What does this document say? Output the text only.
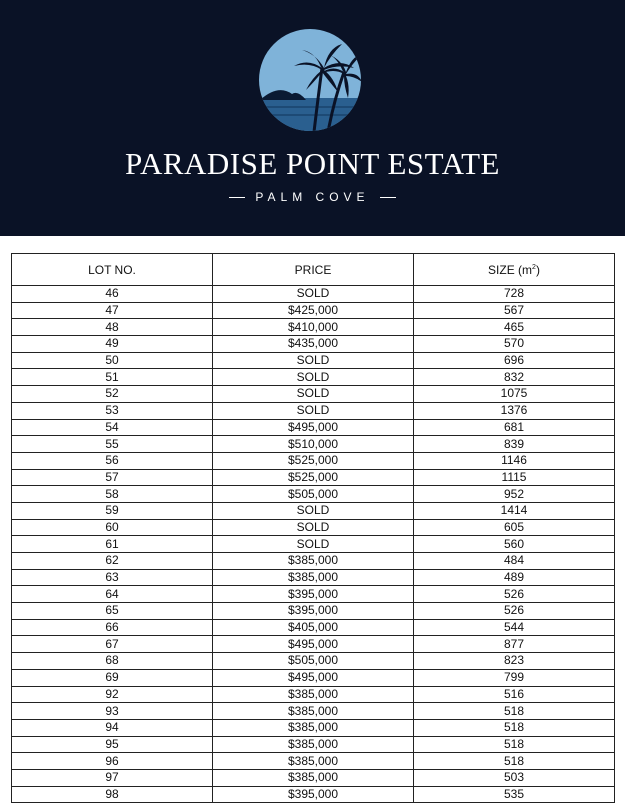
PARADISE POINT ESTATE
PALM COVE
LOT NO.	PRICE	SIZE $(m^2)$
46	SOLD	728
47	$425,000	567
48	$410,000	465
49	$435,000	570
50	SOLD	696
51	SOLD	832
52	SOLD	1075
53	SOLD	1376
54	$495,000	681
55	$510,000	839
56	$525,000	1146
57	$525,000	1115
58	$505,000	952
59	SOLD	1414
60	SOLD	605
61	SOLD	560
62	$385,000	484
63	$385,000	489
64	$395,000	526
65	$395,000	526
66	$405,000	544
67	$495,000	877
68	$505,000	823
69	$495,000	799
92	$385,000	516
93	$385,000	518
94	$385,000	518
95	$385,000	518
96	$385,000	518
97	$385,000	503
98	$395,000	535
